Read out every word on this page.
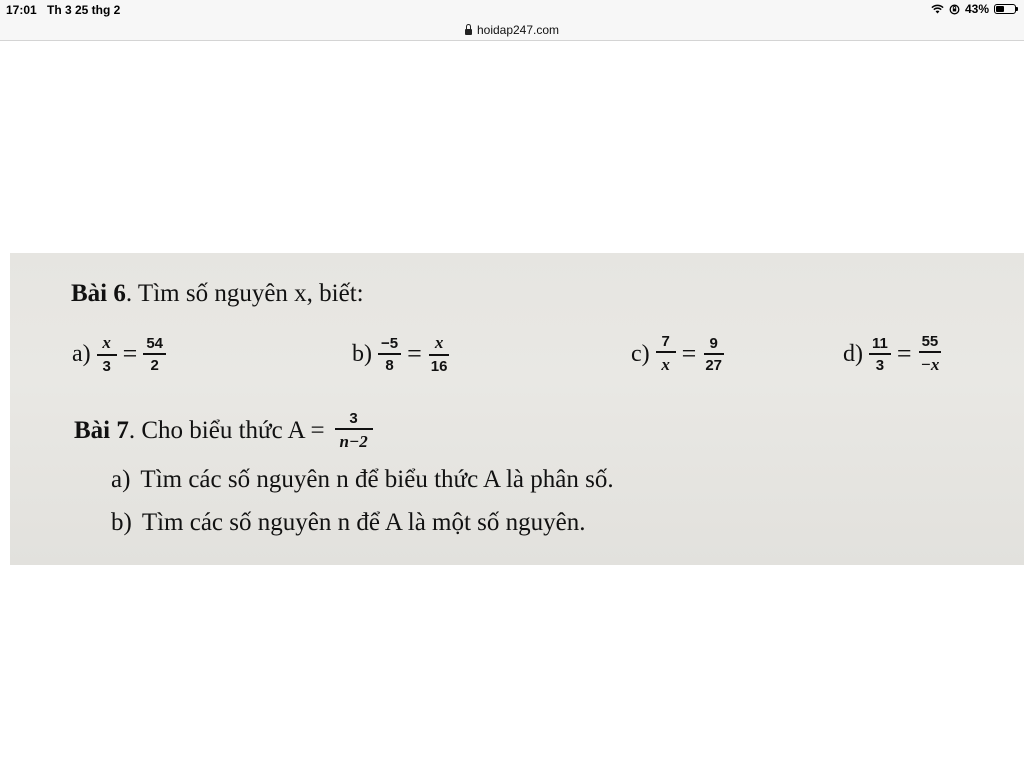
17:01 Th 3 25 thg 2	43%
hoidap247.com
Bài 6. Tìm số nguyên x, biết:
$a) \frac{x}{3} = \frac{54}{2}$	$b) \frac{-5}{8} = \frac{x}{16}$	$c) \frac{7}{x} = \frac{9}{27}$	$d) \frac{11}{3} = \frac{55}{-x}$
Bài 7 . Cho biểu thức $A = \frac{3}{n-2}$
a) Tìm các số nguyên n để biểu thức A là phân số.
b) Tìm các số nguyên n để A là một số nguyên.
